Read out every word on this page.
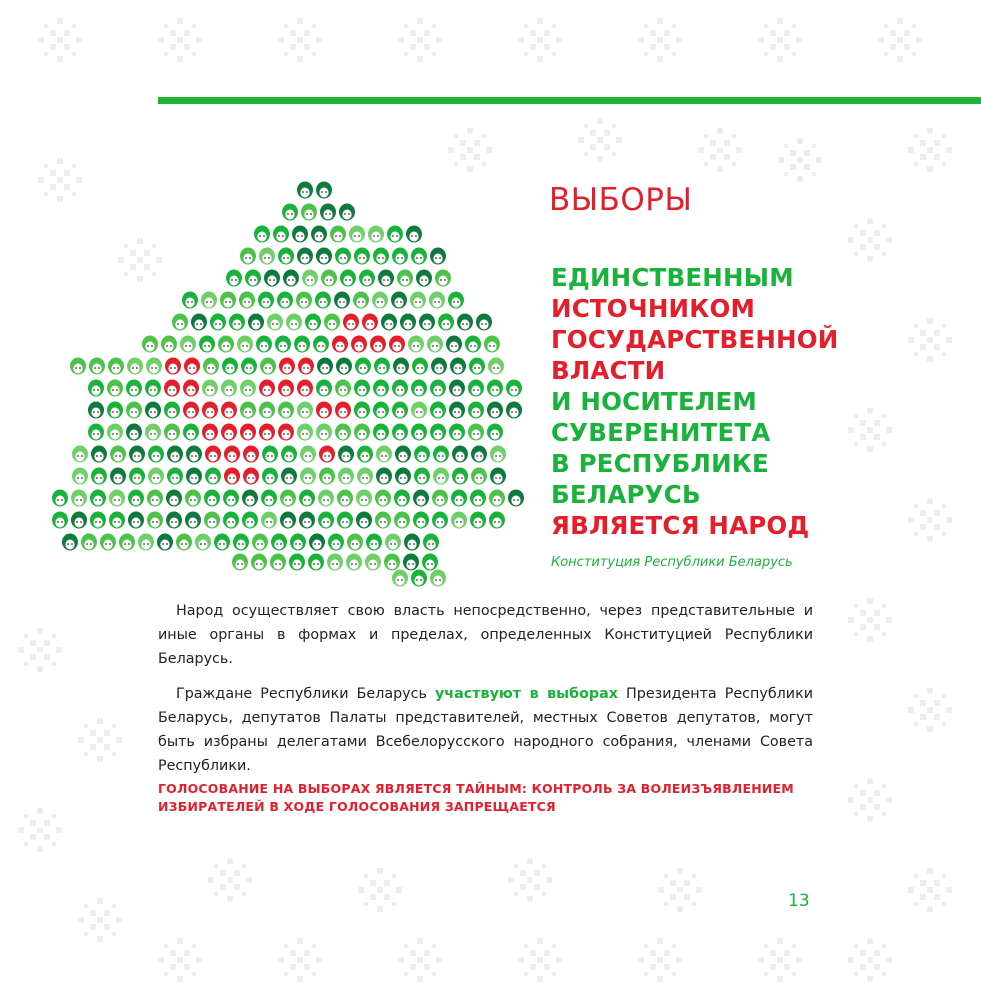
ВЫБОРЫ

ЕДИНСТВЕННЫМ
ИСТОЧНИКОМ
ГОСУДАРСТВЕННОЙ
ВЛАСТИ
И НОСИТЕЛЕМ
СУВЕРЕНИТЕТА
В РЕСПУБЛИКЕ
БЕЛАРУСЬ
ЯВЛЯЕТСЯ НАРОД

Конституция Республики Беларусь

Народ осуществляет свою власть непосредственно, через представительные и иные органы в формах и пределах, определенных Конституцией Республики Беларусь.

Граждане Республики Беларусь участвуют в выборах Президента Республики Беларусь, депутатов Палаты представителей, местных Советов депутатов, могут быть избраны делегатами Всебелорусского народного собрания, членами Совета Республики.

ГОЛОСОВАНИЕ НА ВЫБОРАХ ЯВЛЯЕТСЯ ТАЙНЫМ: КОНТРОЛЬ ЗА ВОЛЕИЗЪЯВЛЕНИЕМ
ИЗБИРАТЕЛЕЙ В ХОДЕ ГОЛОСОВАНИЯ ЗАПРЕЩАЕТСЯ

13
